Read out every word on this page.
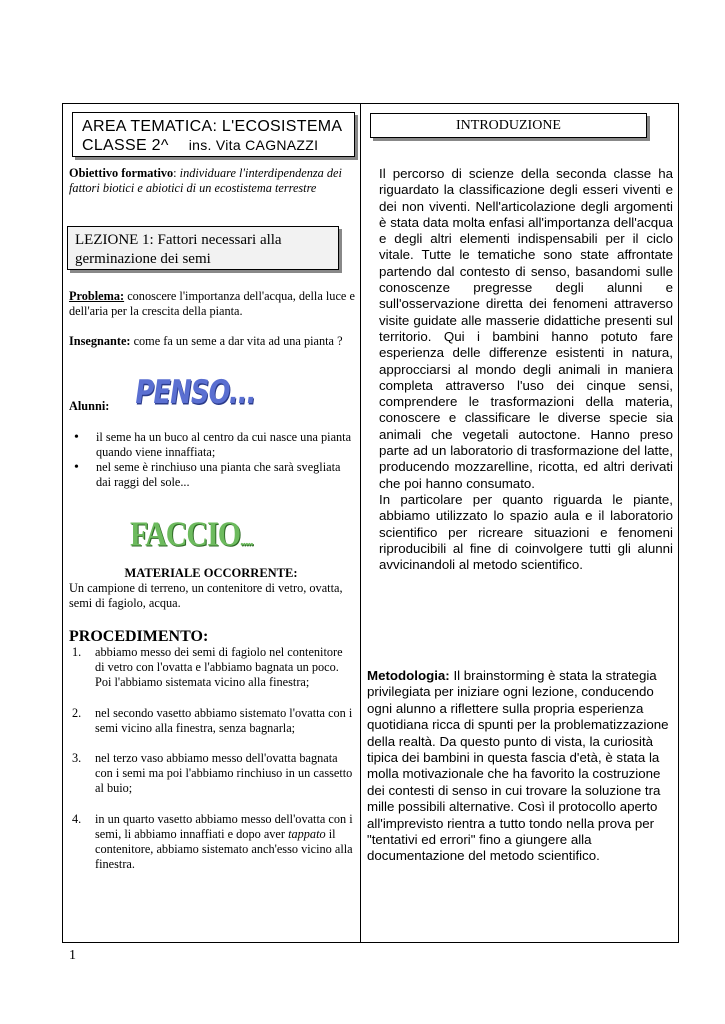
AREA TEMATICA: L'ECOSISTEMA
CLASSE 2^ ins. Vita CAGNAZZI
INTRODUZIONE
Obiettivo formativo: individuare l'interdipendenza dei fattori biotici e abiotici di un ecostistema terrestre
LEZIONE 1: Fattori necessari alla germinazione dei semi
Problema: conoscere l'importanza dell'acqua, della luce e dell'aria per la crescita della pianta.
Insegnante: come fa un seme a dar vita ad una pianta ?
PENSO...
Alunni:
• il seme ha un buco al centro da cui nasce una pianta quando viene innaffiata;
• nel seme è rinchiuso una pianta che sarà svegliata dai raggi del sole...
FACCIO.....
MATERIALE OCCORRENTE:
Un campione di terreno, un contenitore di vetro, ovatta, semi di fagiolo, acqua.
PROCEDIMENTO:
1. abbiamo messo dei semi di fagiolo nel contenitore di vetro con l'ovatta e l'abbiamo bagnata un poco. Poi l'abbiamo sistemata vicino alla finestra;
2. nel secondo vasetto abbiamo sistemato l'ovatta con i semi vicino alla finestra, senza bagnarla;
3. nel terzo vaso abbiamo messo dell'ovatta bagnata con i semi ma poi l'abbiamo rinchiuso in un cassetto al buio;
4. in un quarto vasetto abbiamo messo dell'ovatta con i semi, li abbiamo innaffiati e dopo aver tappato il contenitore, abbiamo sistemato anch'esso vicino alla finestra.

Il percorso di scienze della seconda classe ha riguardato la classificazione degli esseri viventi e dei non viventi. Nell'articolazione degli argomenti è stata data molta enfasi all'importanza dell'acqua e degli altri elementi indispensabili per il ciclo vitale. Tutte le tematiche sono state affrontate partendo dal contesto di senso, basandomi sulle conoscenze pregresse degli alunni e sull'osservazione diretta dei fenomeni attraverso visite guidate alle masserie didattiche presenti sul territorio. Qui i bambini hanno potuto fare esperienza delle differenze esistenti in natura, approcciarsi al mondo degli animali in maniera completa attraverso l'uso dei cinque sensi, comprendere le trasformazioni della materia, conoscere e classificare le diverse specie sia animali che vegetali autoctone. Hanno preso parte ad un laboratorio di trasformazione del latte, producendo mozzarelline, ricotta, ed altri derivati che poi hanno consumato.

In particolare per quanto riguarda le piante, abbiamo utilizzato lo spazio aula e il laboratorio scientifico per ricreare situazioni e fenomeni riproducibili al fine di coinvolgere tutti gli alunni avvicinandoli al metodo scientifico.

Metodologia: Il brainstorming è stata la strategia privilegiata per iniziare ogni lezione, conducendo ogni alunno a riflettere sulla propria esperienza quotidiana ricca di spunti per la problematizzazione della realtà. Da questo punto di vista, la curiosità tipica dei bambini in questa fascia d'età, è stata la molla motivazionale che ha favorito la costruzione dei contesti di senso in cui trovare la soluzione tra mille possibili alternative. Così il protocollo aperto all'imprevisto rientra a tutto tondo nella prova per "tentativi ed errori" fino a giungere alla documentazione del metodo scientifico.
1
